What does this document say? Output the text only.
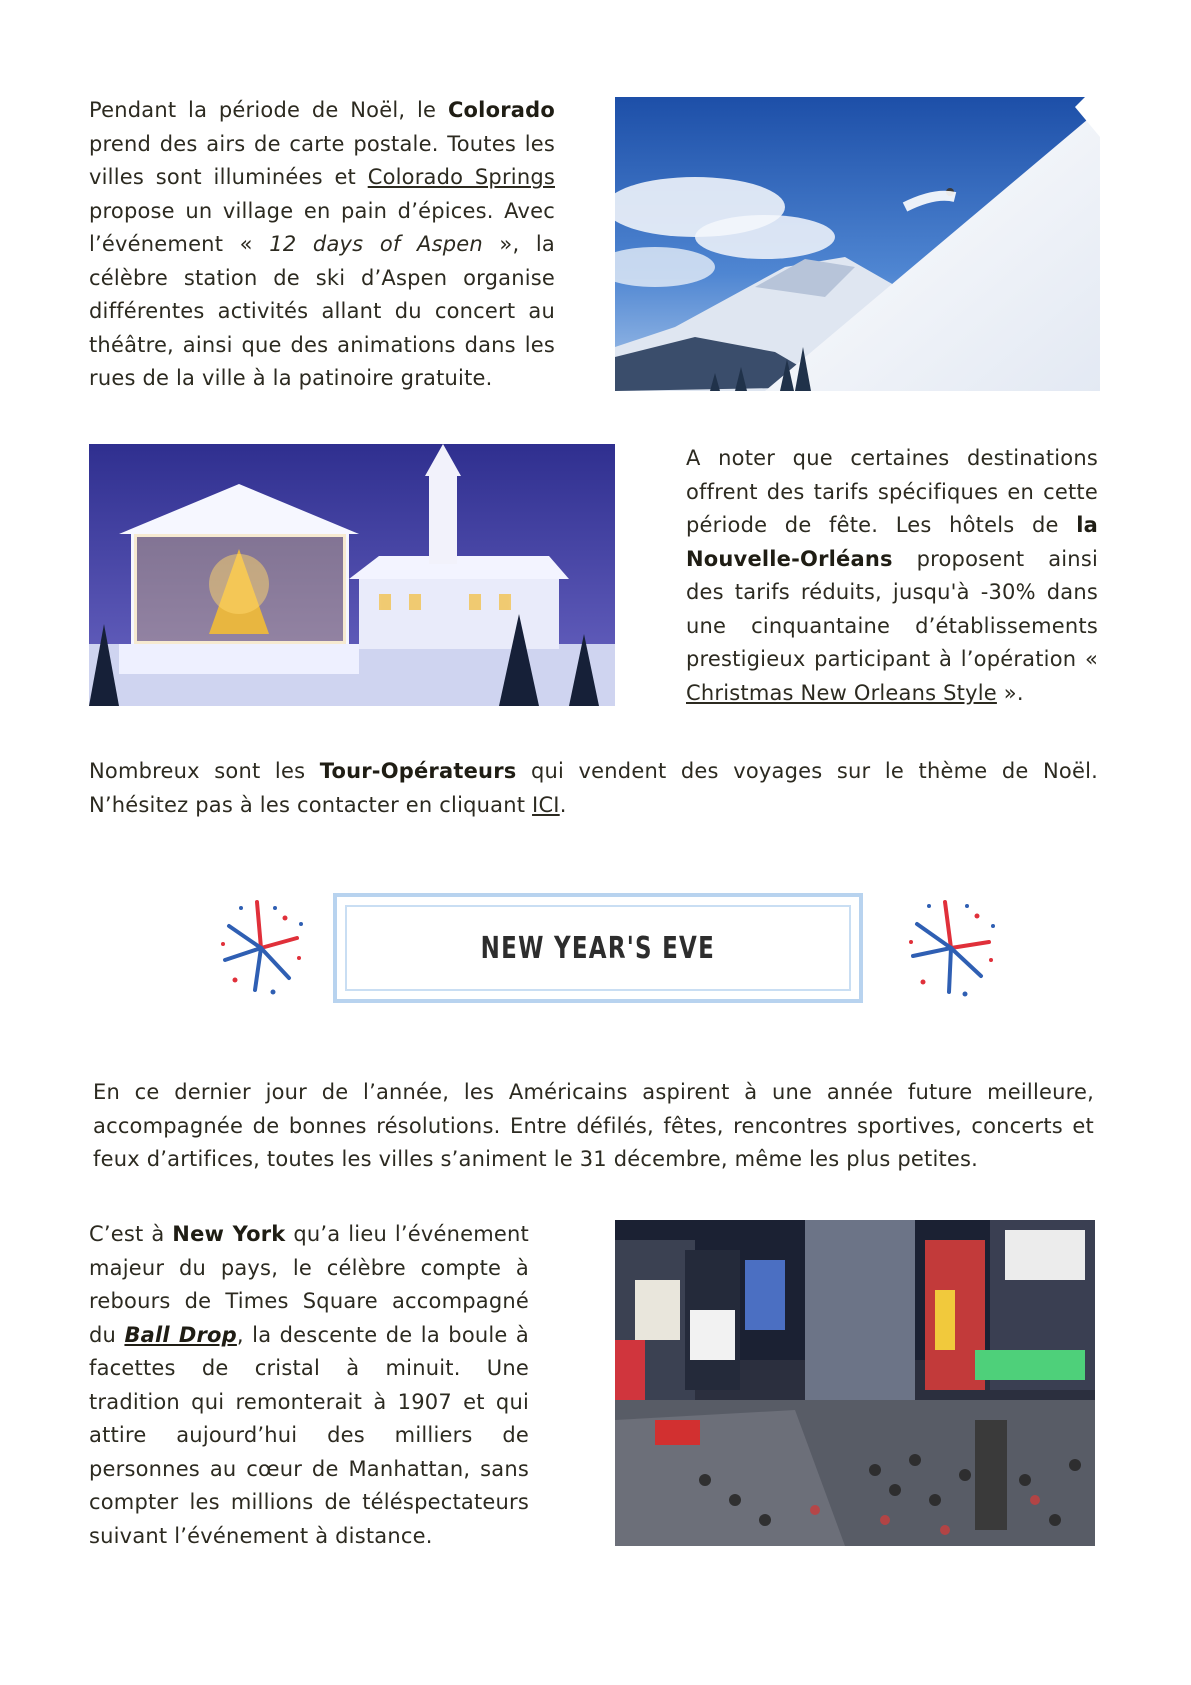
Pendant la période de Noël, le Colorado prend des airs de carte postale. Toutes les villes sont illuminées et Colorado Springs propose un village en pain d’épices. Avec l’événement « 12 days of Aspen », la célèbre station de ski d’Aspen organise différentes activités allant du concert au théâtre, ainsi que des animations dans les rues de la ville à la patinoire gratuite.

A noter que certaines destinations offrent des tarifs spécifiques en cette période de fête. Les hôtels de la Nouvelle-Orléans proposent ainsi des tarifs réduits, jusqu'à -30% dans une cinquantaine d’établissements prestigieux participant à l’opération « Christmas New Orleans Style ».

Nombreux sont les Tour-Opérateurs qui vendent des voyages sur le thème de Noël. N’hésitez pas à les contacter en cliquant ICI.

NEW YEAR'S EVE

En ce dernier jour de l’année, les Américains aspirent à une année future meilleure, accompagnée de bonnes résolutions. Entre défilés, fêtes, rencontres sportives, concerts et feux d’artifices, toutes les villes s’animent le 31 décembre, même les plus petites.

C’est à New York qu’a lieu l’événement majeur du pays, le célèbre compte à rebours de Times Square accompagné du Ball Drop, la descente de la boule à facettes de cristal à minuit. Une tradition qui remonterait à 1907 et qui attire aujourd’hui des milliers de personnes au cœur de Manhattan, sans compter les millions de téléspectateurs suivant l’événement à distance.
